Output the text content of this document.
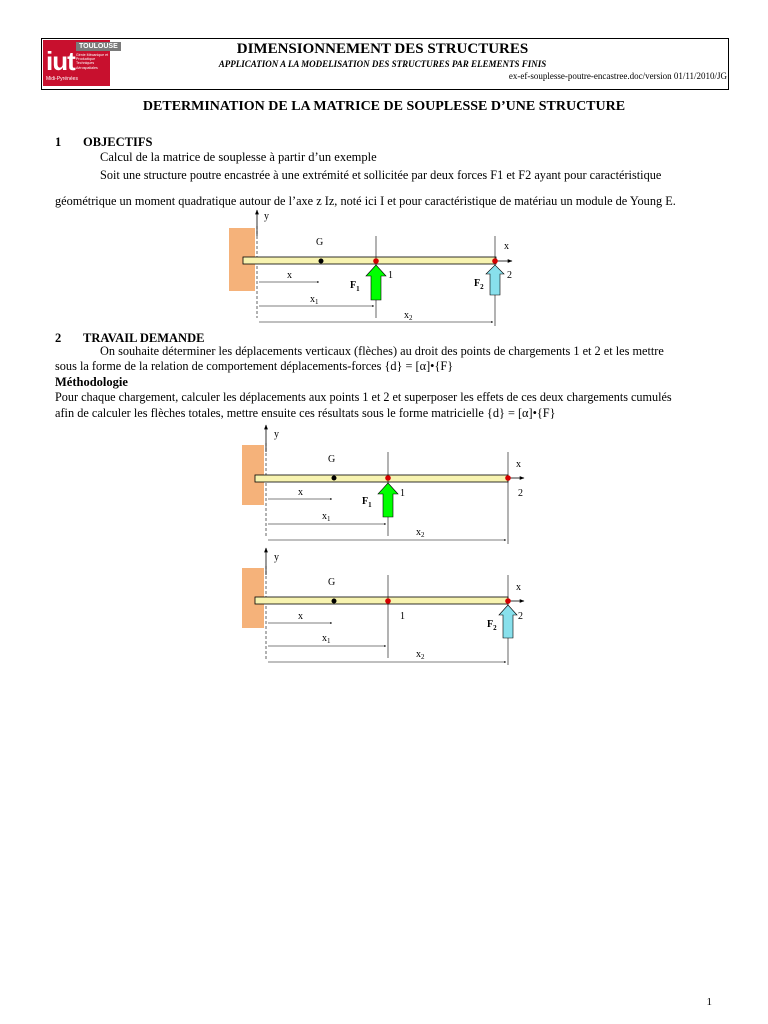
iut TOULOUSE
Génie Mécanique et Productique Techniques Aérospatiales
Midi-Pyrénées
DIMENSIONNEMENT DES STRUCTURES
APPLICATION A LA MODELISATION DES STRUCTURES PAR ELEMENTS FINIS
ex-ef-souplesse-poutre-encastree.doc/version 01/11/2010/JG
DETERMINATION DE LA MATRICE DE SOUPLESSE D’UNE STRUCTURE
1 OBJECTIFS
Calcul de la matrice de souplesse à partir d’un exemple
Soit une structure poutre encastrée à une extrémité et sollicitée par deux forces F1 et F2 ayant pour caractéristique
géométrique un moment quadratique autour de l’axe z Iz, noté ici I et pour caractéristique de matériau un module de Young E.
y
x
G
1	2
$F_1$	$F_2$
x
$x_1$
$x_2$
y
x
G
1	2
$F_1$
x
$x_1$
$x_2$
y
x
G
1	2
$F_2$
x
$x_1$
$x_2$
2 TRAVAIL DEMANDE
On souhaite déterminer les déplacements verticaux (flèches) au droit des points de chargements 1 et 2 et les mettre
sous la forme de la relation de comportement déplacements-forces {d} = [α]•{F}
Méthodologie
Pour chaque chargement, calculer les déplacements aux points 1 et 2 et superposer les effets de ces deux chargements cumulés
afin de calculer les flèches totales, mettre ensuite ces résultats sous le forme matricielle {d} = [α]•{F}
1
